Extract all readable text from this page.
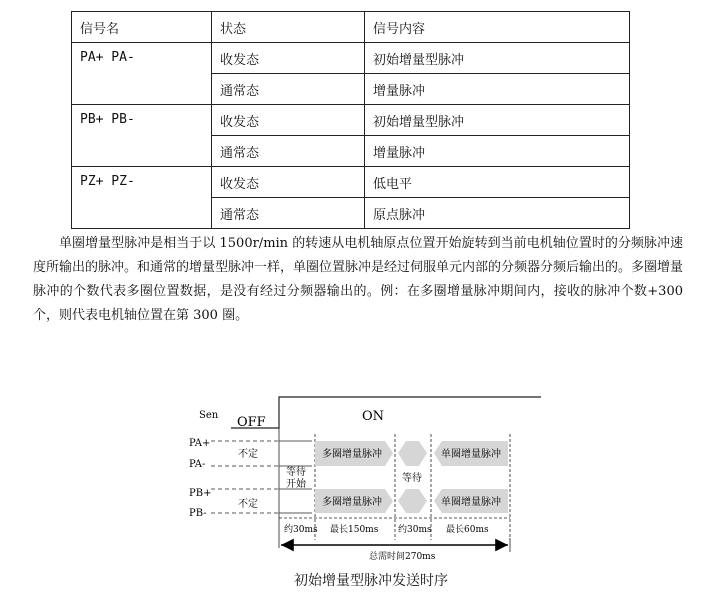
信号名	状态	信号内容
PA+ PA-	收发态	初始增量型脉冲
	通常态	增量脉冲
PB+ PB-	收发态	初始增量型脉冲
	通常态	增量脉冲
PZ+ PZ-	收发态	低电平
	通常态	原点脉冲

单圈增量型脉冲是相当于以 1500r/min 的转速从电机轴原点位置开始旋转到当前电机轴位置时的分频脉冲速度所输出的脉冲。和通常的增量型脉冲一样，单圈位置脉冲是经过伺服单元内部的分频器分频后输出的。多圈增量脉冲的个数代表多圈位置数据，是没有经过分频器输出的。例：在多圈增量脉冲期间内，接收的脉冲个数+300 个，则代表电机轴位置在第 300 圈。

Sen OFF	ON
PA+
PA-
PB+
PB-
不定
不定
等待
开始
多圈增量脉冲
多圈增量脉冲
等待
单圈增量脉冲
单圈增量脉冲
约30ms 最长150ms 约30ms 最长60ms
总需时间270ms
初始增量型脉冲发送时序
